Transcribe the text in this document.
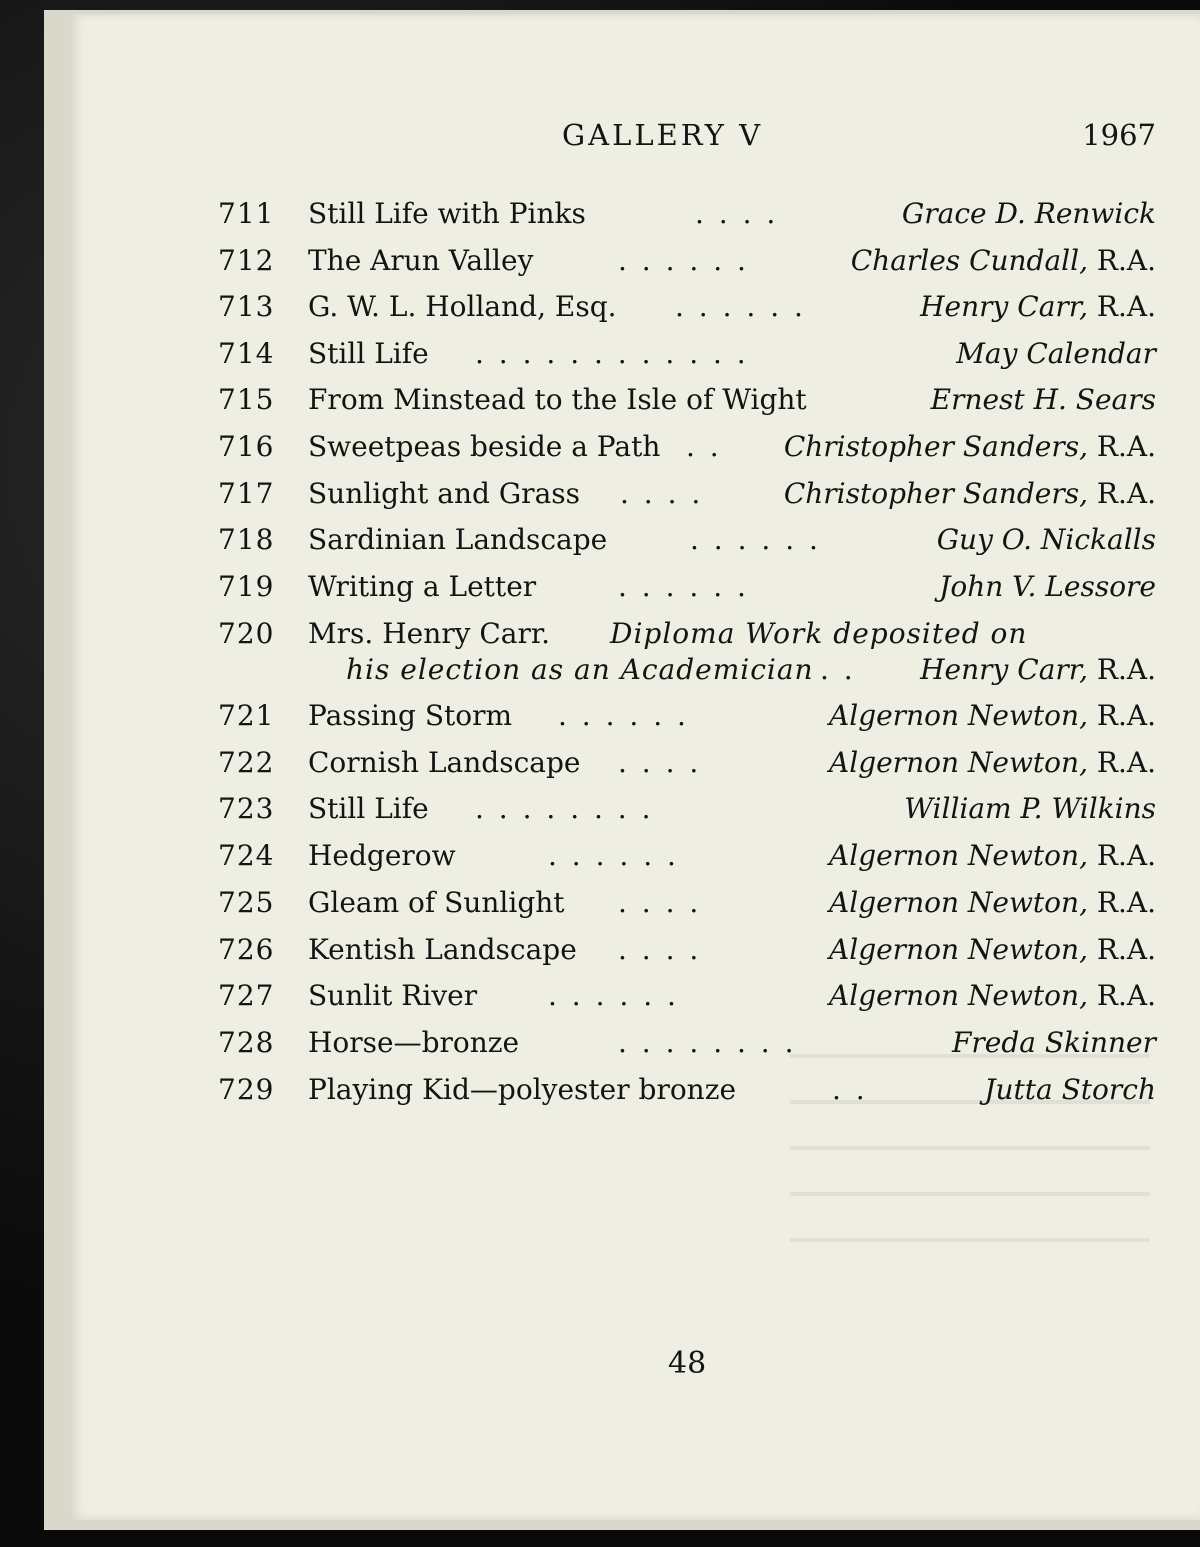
GALLERY V	1967
711 Still Life with Pinks	. . . .	Grace D. Renwick
712 The Arun Valley	. . . . . .	Charles Cundall, R.A.
713 G. W. L. Holland, Esq. . . . . . .	Henry Carr, R.A.
714 Still Life . . . . . . . . . . . .	May Calendar
715 From Minstead to the Isle of Wight	Ernest H. Sears
716 Sweetpeas beside a Path . . Christopher Sanders, R.A.
717 Sunlight and Grass . . . .	Christopher Sanders, R.A.
718 Sardinian Landscape	. . . . . .	Guy O. Nickalls
719 Writing a Letter	. . . . . .	John V. Lessore
720 Mrs. Henry Carr. Diploma Work deposited on
his election as an Academician . . Henry Carr, R.A.
721 Passing Storm . . . . . .	Algernon Newton, R.A.
722 Cornish Landscape . . . .	Algernon Newton, R.A.
723 Still Life . . . . . . . .	William P. Wilkins
724 Hedgerow	. . . . . .	Algernon Newton, R.A.
725 Gleam of Sunlight . . . .	Algernon Newton, R.A.
726 Kentish Landscape . . . .	Algernon Newton, R.A.
727 Sunlit River	. . . . . .	Algernon Newton, R.A.
728 Horse—bronze	. . . . . . . .	Freda Skinner
729 Playing Kid—polyester bronze	. .	Jutta Storch
48
